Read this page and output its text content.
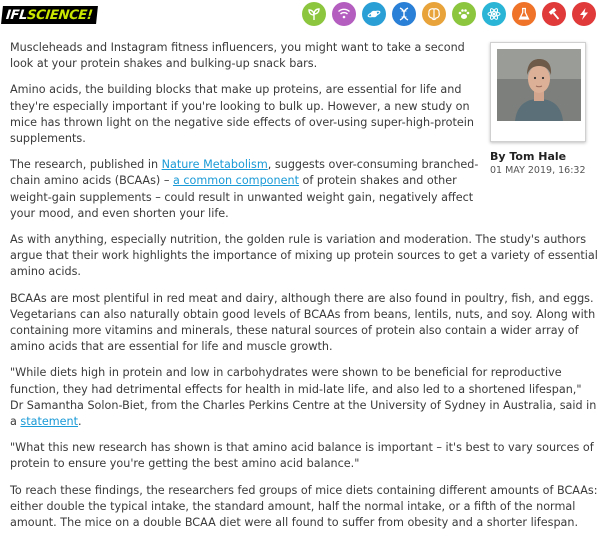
IFL
SCIENCE!
By Tom Hale
01 MAY 2019, 16:32

Muscleheads and Instagram fitness influencers, you might want to take a second look at your protein shakes and bulking-up snack bars.

Amino acids, the building blocks that make up proteins, are essential for life and they're especially important if you're looking to bulk up. However, a new study on mice has thrown light on the negative side effects of over-using super-high-protein supplements.

The research, published in Nature Metabolism, suggests over-consuming branched-chain amino acids (BCAAs) – a common component of protein shakes and other weight-gain supplements – could result in unwanted weight gain, negatively affect your mood, and even shorten your life.

As with anything, especially nutrition, the golden rule is variation and moderation. The study's authors argue that their work highlights the importance of mixing up protein sources to get a variety of essential amino acids.

BCAAs are most plentiful in red meat and dairy, although there are also found in poultry, fish, and eggs. Vegetarians can also naturally obtain good levels of BCAAs from beans, lentils, nuts, and soy. Along with containing more vitamins and minerals, these natural sources of protein also contain a wider array of amino acids that are essential for life and muscle growth.

"While diets high in protein and low in carbohydrates were shown to be beneficial for reproductive function, they had detrimental effects for health in mid-late life, and also led to a shortened lifespan," Dr Samantha Solon-Biet, from the Charles Perkins Centre at the University of Sydney in Australia, said in a statement.

"What this new research has shown is that amino acid balance is important – it's best to vary sources of protein to ensure you're getting the best amino acid balance."

To reach these findings, the researchers fed groups of mice diets containing different amounts of BCAAs: either double the typical intake, the standard amount, half the normal intake, or a fifth of the normal amount. The mice on a double BCAA diet were all found to suffer from obesity and a shorter lifespan.
